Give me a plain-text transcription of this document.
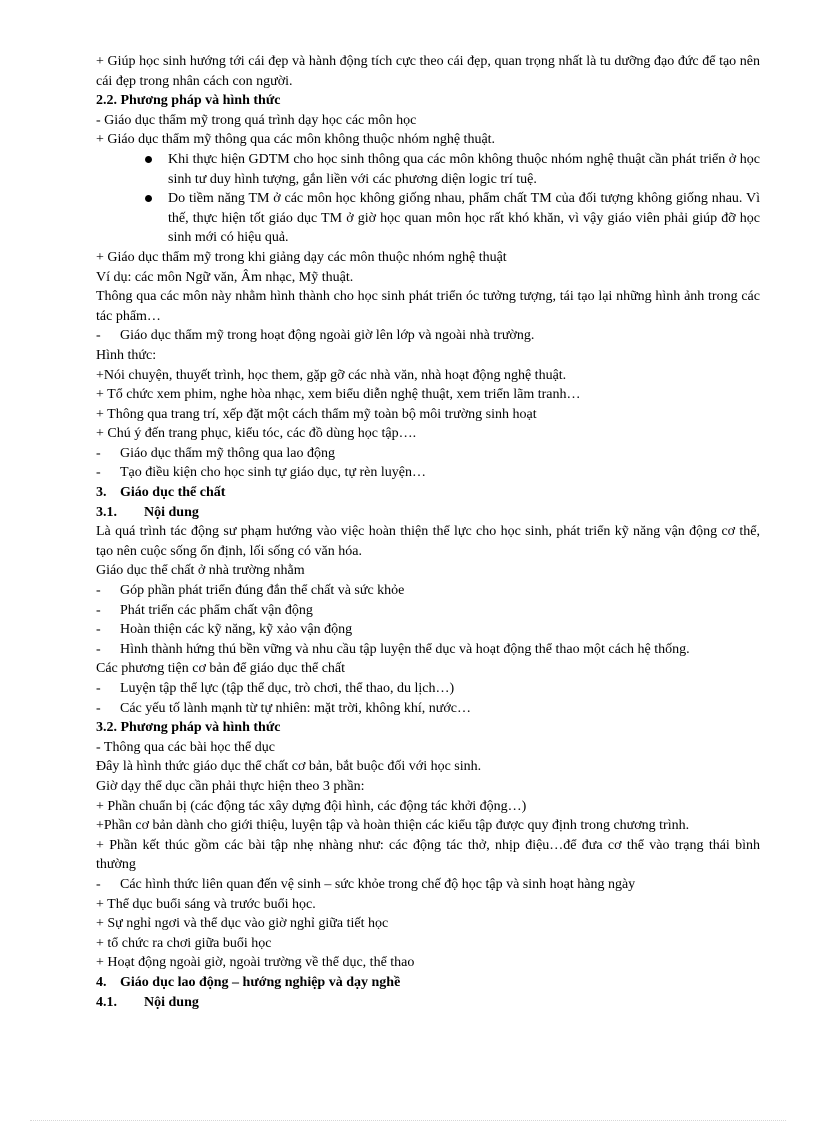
+ Giúp học sinh hướng tới cái đẹp và hành động tích cực theo cái đẹp, quan trọng nhất là tu dưỡng đạo đức để tạo nên cái đẹp trong nhân cách con người.

2.2. Phương pháp và hình thức

- Giáo dục thẩm mỹ trong quá trình dạy học các môn học

+ Giáo dục thẩm mỹ thông qua các môn không thuộc nhóm nghệ thuật.

Khi thực hiện GDTM cho học sinh thông qua các môn không thuộc nhóm nghệ thuật cần phát triển ở học sinh tư duy hình tượng, gắn liền với các phương diện logic trí tuệ.
Do tiềm năng TM ở các môn học không giống nhau, phẩm chất TM của đối tượng không giống nhau. Vì thế, thực hiện tốt giáo dục TM ở giờ học quan môn học rất khó khăn, vì vậy giáo viên phải giúp đỡ học sinh mới có hiệu quả.

+ Giáo dục thẩm mỹ trong khi giảng dạy các môn thuộc nhóm nghệ thuật

Ví dụ: các môn Ngữ văn, Âm nhạc, Mỹ thuật.

Thông qua các môn này nhằm hình thành cho học sinh phát triển óc tưởng tượng, tái tạo lại những hình ảnh trong các tác phẩm…

-	Giáo dục thẩm mỹ trong hoạt động ngoài giờ lên lớp và ngoài nhà trường.

Hình thức:

+Nói chuyện, thuyết trình, học them, gặp gỡ các nhà văn, nhà hoạt động nghệ thuật.

+ Tổ chức xem phim, nghe hòa nhạc, xem biểu diễn nghệ thuật, xem triển lãm tranh…

+ Thông qua trang trí, xếp đặt một cách thẩm mỹ toàn bộ môi trường sinh hoạt

+ Chú ý đến trang phục, kiểu tóc, các đồ dùng học tập….

-	Giáo dục thẩm mỹ thông qua lao động
-	Tạo điều kiện cho học sinh tự giáo dục, tự rèn luyện…
3. Giáo dục thể chất
3.1.	Nội dung

Là quá trình tác động sư phạm hướng vào việc hoàn thiện thể lực cho học sinh, phát triển kỹ năng vận động cơ thể, tạo nên cuộc sống ổn định, lối sống có văn hóa.

Giáo dục thể chất ở nhà trường nhằm

-	Góp phần phát triển đúng đắn thể chất và sức khỏe
-	Phát triển các phẩm chất vận động
-	Hoàn thiện các kỹ năng, kỹ xảo vận động
-	Hình thành hứng thú bền vững và nhu cầu tập luyện thể dục và hoạt động thể thao một cách hệ thống.

Các phương tiện cơ bản để giáo dục thể chất

-	Luyện tập thể lực (tập thể dục, trò chơi, thể thao, du lịch…)
-	Các yếu tố lành mạnh từ tự nhiên: mặt trời, không khí, nước…

3.2. Phương pháp và hình thức

- Thông qua các bài học thể dục

Đây là hình thức giáo dục thể chất cơ bản, bắt buộc đối với học sinh.

Giờ dạy thể dục cần phải thực hiện theo 3 phần:

+ Phần chuẩn bị (các động tác xây dựng đội hình, các động tác khởi động…)

+Phần cơ bản dành cho giới thiệu, luyện tập và hoàn thiện các kiểu tập được quy định trong chương trình.

+ Phần kết thúc gồm các bài tập nhẹ nhàng như: các động tác thở, nhịp điệu…để đưa cơ thể vào trạng thái bình thường

-	Các hình thức liên quan đến vệ sinh – sức khỏe trong chế độ học tập và sinh hoạt hàng ngày

+ Thể dục buổi sáng và trước buổi học.

+ Sự nghỉ ngơi và thể dục vào giờ nghỉ giữa tiết học

+ tổ chức ra chơi giữa buổi học

+ Hoạt động ngoài giờ, ngoài trường về thể dục, thể thao

4. Giáo dục lao động – hướng nghiệp và dạy nghề
4.1.	Nội dung
